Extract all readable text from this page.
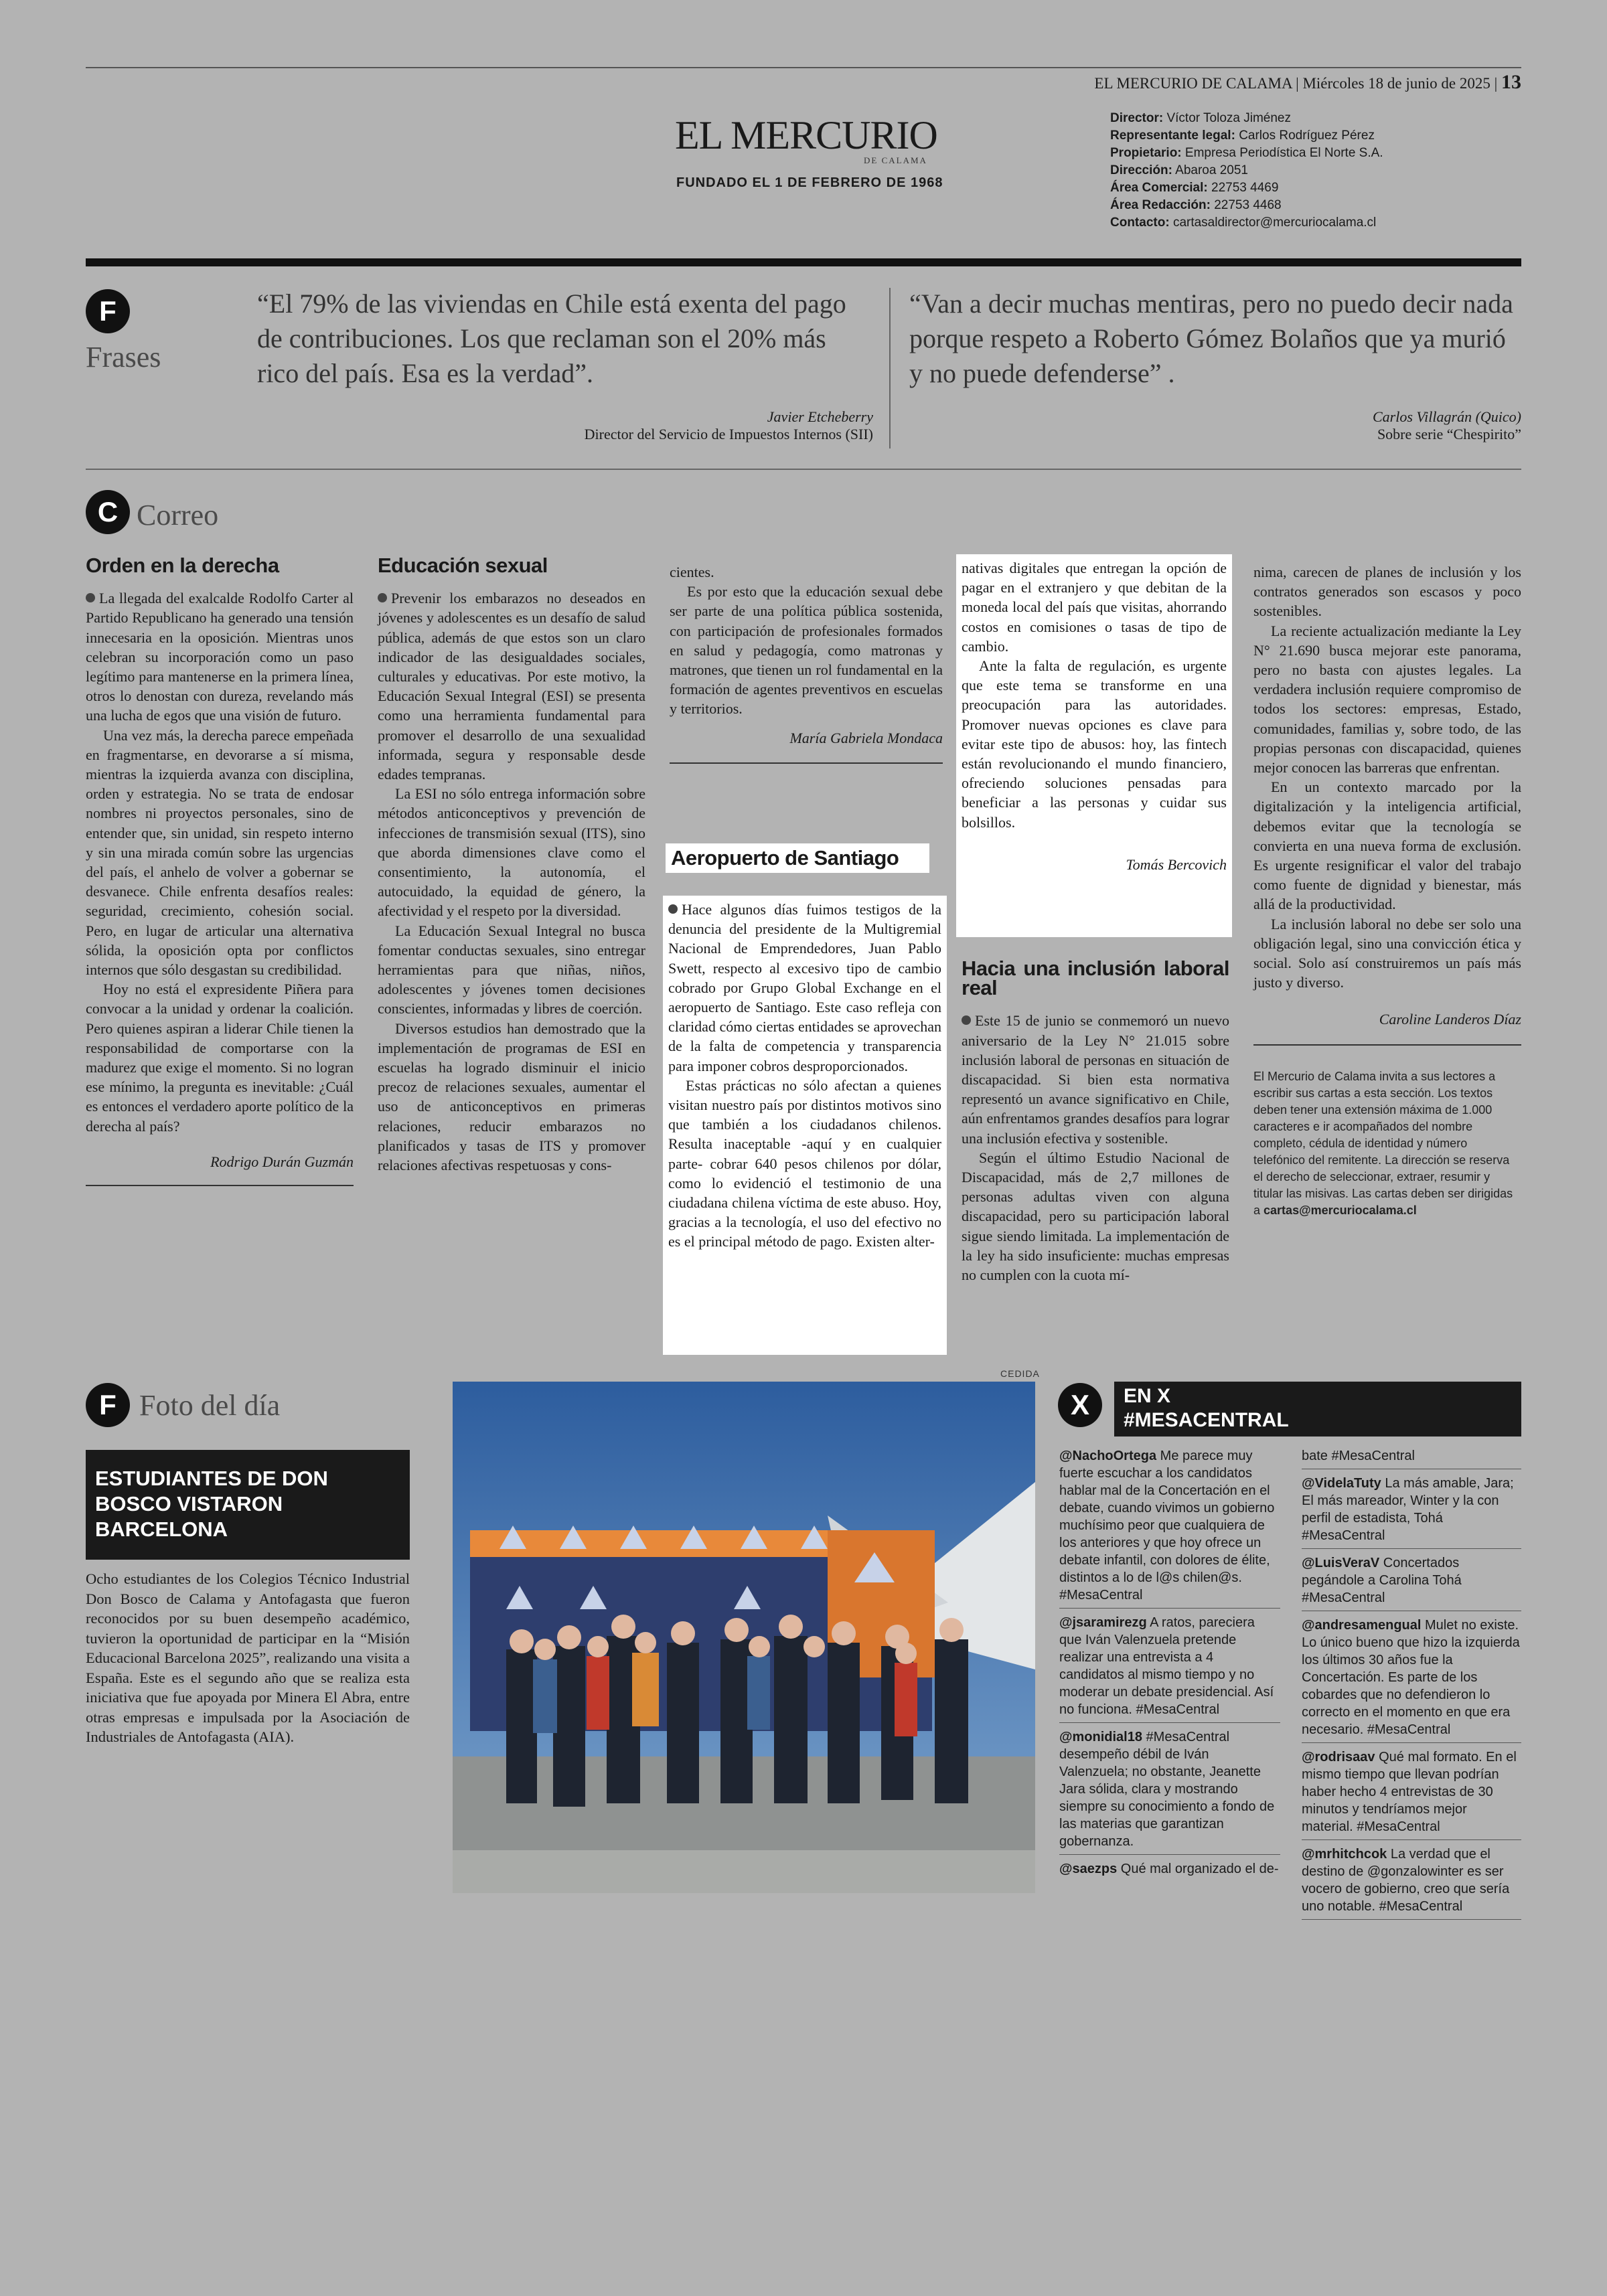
EL MERCURIO DE CALAMA | Miércoles 18 de junio de 2025 | 13
EL MERCURIO
DE CALAMA
FUNDADO EL 1 DE FEBRERO DE 1968
Director: Víctor Toloza Jiménez
Representante legal: Carlos Rodríguez Pérez
Propietario: Empresa Periodística El Norte S.A.
Dirección: Abaroa 2051
Área Comercial: 22753 4469
Área Redacción: 22753 4468
Contacto: cartasaldirector@mercuriocalama.cl
F
Frases
“El 79% de las viviendas en Chile está exenta del pago de contribuciones. Los que reclaman son el 20% más rico del país. Esa es la verdad”.
Javier Etcheberry
Director del Servicio de Impuestos Internos (SII)
“Van a decir muchas mentiras, pero no puedo decir nada porque respeto a Roberto Gómez Bolaños que ya murió y no puede defenderse” .
Carlos Villagrán (Quico)
Sobre serie “Chespirito”
C Correo
Orden en la derecha

La llegada del exalcalde Rodolfo Carter al Partido Republicano ha generado una tensión innecesaria en la oposición. Mientras unos celebran su incorporación como un paso legítimo para mantenerse en la primera línea, otros lo denostan con dureza, revelando más una lucha de egos que una visión de futuro.

Una vez más, la derecha parece empeñada en fragmentarse, en devorarse a sí misma, mientras la izquierda avanza con disciplina, orden y estrategia. No se trata de endosar nombres ni proyectos personales, sino de entender que, sin unidad, sin respeto interno y sin una mirada común sobre las urgencias del país, el anhelo de volver a gobernar se desvanece. Chile enfrenta desafíos reales: seguridad, crecimiento, cohesión social. Pero, en lugar de articular una alternativa sólida, la oposición opta por conflictos internos que sólo desgastan su credibilidad.

Hoy no está el expresidente Piñera para convocar a la unidad y ordenar la coalición. Pero quienes aspiran a liderar Chile tienen la responsabilidad de comportarse con la madurez que exige el momento. Si no logran ese mínimo, la pregunta es inevitable: ¿Cuál es entonces el verdadero aporte político de la derecha al país?

Rodrigo Durán Guzmán
Educación sexual

Prevenir los embarazos no deseados en jóvenes y adolescentes es un desafío de salud pública, además de que estos son un claro indicador de las desigualdades sociales, culturales y educativas. Por este motivo, la Educación Sexual Integral (ESI) se presenta como una herramienta fundamental para promover el desarrollo de una sexualidad informada, segura y responsable desde edades tempranas.

La ESI no sólo entrega información sobre métodos anticonceptivos y prevención de infecciones de transmisión sexual (ITS), sino que aborda dimensiones clave como el consentimiento, la autonomía, el autocuidado, la equidad de género, la afectividad y el respeto por la diversidad.

La Educación Sexual Integral no busca fomentar conductas sexuales, sino entregar herramientas para que niñas, niños, adolescentes y jóvenes tomen decisiones conscientes, informadas y libres de coerción.

Diversos estudios han demostrado que la implementación de programas de ESI en escuelas ha logrado disminuir el inicio precoz de relaciones sexuales, aumentar el uso de anticonceptivos en primeras relaciones, reducir embarazos no planificados y tasas de ITS y promover relaciones afectivas respetuosas y cons-

cientes.

Es por esto que la educación sexual debe ser parte de una política pública sostenida, con participación de profesionales formados en salud y pedagogía, como matronas y matrones, que tienen un rol fundamental en la formación de agentes preventivos en escuelas y territorios.

María Gabriela Mondaca
Aeropuerto de Santiago

Hace algunos días fuimos testigos de la denuncia del presidente de la Multigremial Nacional de Emprendedores, Juan Pablo Swett, respecto al excesivo tipo de cambio cobrado por Grupo Global Exchange en el aeropuerto de Santiago. Este caso refleja con claridad cómo ciertas entidades se aprovechan de la falta de competencia y transparencia para imponer cobros desproporcionados.

Estas prácticas no sólo afectan a quienes visitan nuestro país por distintos motivos sino que también a los ciudadanos chilenos. Resulta inaceptable -aquí y en cualquier parte- cobrar 640 pesos chilenos por dólar, como lo evidenció el testimonio de una ciudadana chilena víctima de este abuso. Hoy, gracias a la tecnología, el uso del efectivo no es el principal método de pago. Existen alter-

nativas digitales que entregan la opción de pagar en el extranjero y que debitan de la moneda local del país que visitas, ahorrando costos en comisiones o tasas de tipo de cambio.

Ante la falta de regulación, es urgente que este tema se transforme en una preocupación para las autoridades. Promover nuevas opciones es clave para evitar este tipo de abusos: hoy, las fintech están revolucionando el mundo financiero, ofreciendo soluciones pensadas para beneficiar a las personas y cuidar sus bolsillos.

Tomás Bercovich
Hacia una inclusión laboral real

Este 15 de junio se conmemoró un nuevo aniversario de la Ley N° 21.015 sobre inclusión laboral de personas en situación de discapacidad. Si bien esta normativa representó un avance significativo en Chile, aún enfrentamos grandes desafíos para lograr una inclusión efectiva y sostenible.

Según el último Estudio Nacional de Discapacidad, más de 2,7 millones de personas adultas viven con alguna discapacidad, pero su participación laboral sigue siendo limitada. La implementación de la ley ha sido insuficiente: muchas empresas no cumplen con la cuota mí-

nima, carecen de planes de inclusión y los contratos generados son escasos y poco sostenibles.

La reciente actualización mediante la Ley N° 21.690 busca mejorar este panorama, pero no basta con ajustes legales. La verdadera inclusión requiere compromiso de todos los sectores: empresas, Estado, comunidades, familias y, sobre todo, de las propias personas con discapacidad, quienes mejor conocen las barreras que enfrentan.

En un contexto marcado por la digitalización y la inteligencia artificial, debemos evitar que la tecnología se convierta en una nueva forma de exclusión. Es urgente resignificar el valor del trabajo como fuente de dignidad y bienestar, más allá de la productividad.

La inclusión laboral no debe ser solo una obligación legal, sino una convicción ética y social. Solo así construiremos un país más justo y diverso.

Caroline Landeros Díaz
El Mercurio de Calama invita a sus lectores a escribir sus cartas a esta sección. Los textos deben tener una extensión máxima de 1.000 caracteres e ir acompañados del nombre completo, cédula de identidad y número telefónico del remitente. La dirección se reserva el derecho de seleccionar, extraer, resumir y titular las misivas. Las cartas deben ser dirigidas a cartas@mercuriocalama.cl
F Foto del día
ESTUDIANTES DE DON BOSCO VISTARON BARCELONA
Ocho estudiantes de los Colegios Técnico Industrial Don Bosco de Calama y Antofagasta que fueron reconocidos por su buen desempeño académico, tuvieron la oportunidad de participar en la “Misión Educacional Barcelona 2025”, realizando una visita a España. Este es el segundo año que se realiza esta iniciativa que fue apoyada por Minera El Abra, entre otras empresas e impulsada por la Asociación de Industriales de Antofagasta (AIA).
CEDIDA
X	EN X
#MESACENTRAL
@NachoOrtega Me parece muy fuerte escuchar a los candidatos hablar mal de la Concertación en el debate, cuando vivimos un gobierno muchísimo peor que cualquiera de los anteriores y que hoy ofrece un debate infantil, con dolores de élite, distintos a lo de l@s chilen@s. #MesaCentral
@jsaramirezg A ratos, pareciera que Iván Valenzuela pretende realizar una entrevista a 4 candidatos al mismo tiempo y no moderar un debate presidencial. Así no funciona. #MesaCentral
@monidial18 #MesaCentral desempeño débil de Iván Valenzuela; no obstante, Jeanette Jara sólida, clara y mostrando siempre su conocimiento a fondo de las materias que garantizan gobernanza.
@saezps Qué mal organizado el de-
bate #MesaCentral
@VidelaTuty La más amable, Jara; El más mareador, Winter y la con perfil de estadista, Tohá #MesaCentral
@LuisVeraV Concertados pegándole a Carolina Tohá #MesaCentral
@andresamengual Mulet no existe. Lo único bueno que hizo la izquierda los últimos 30 años fue la Concertación. Es parte de los cobardes que no defendieron lo correcto en el momento en que era necesario. #MesaCentral
@rodrisaav Qué mal formato. En el mismo tiempo que llevan podrían haber hecho 4 entrevistas de 30 minutos y tendríamos mejor material. #MesaCentral
@mrhitchcok La verdad que el destino de @gonzalowinter es ser vocero de gobierno, creo que sería uno notable. #MesaCentral
